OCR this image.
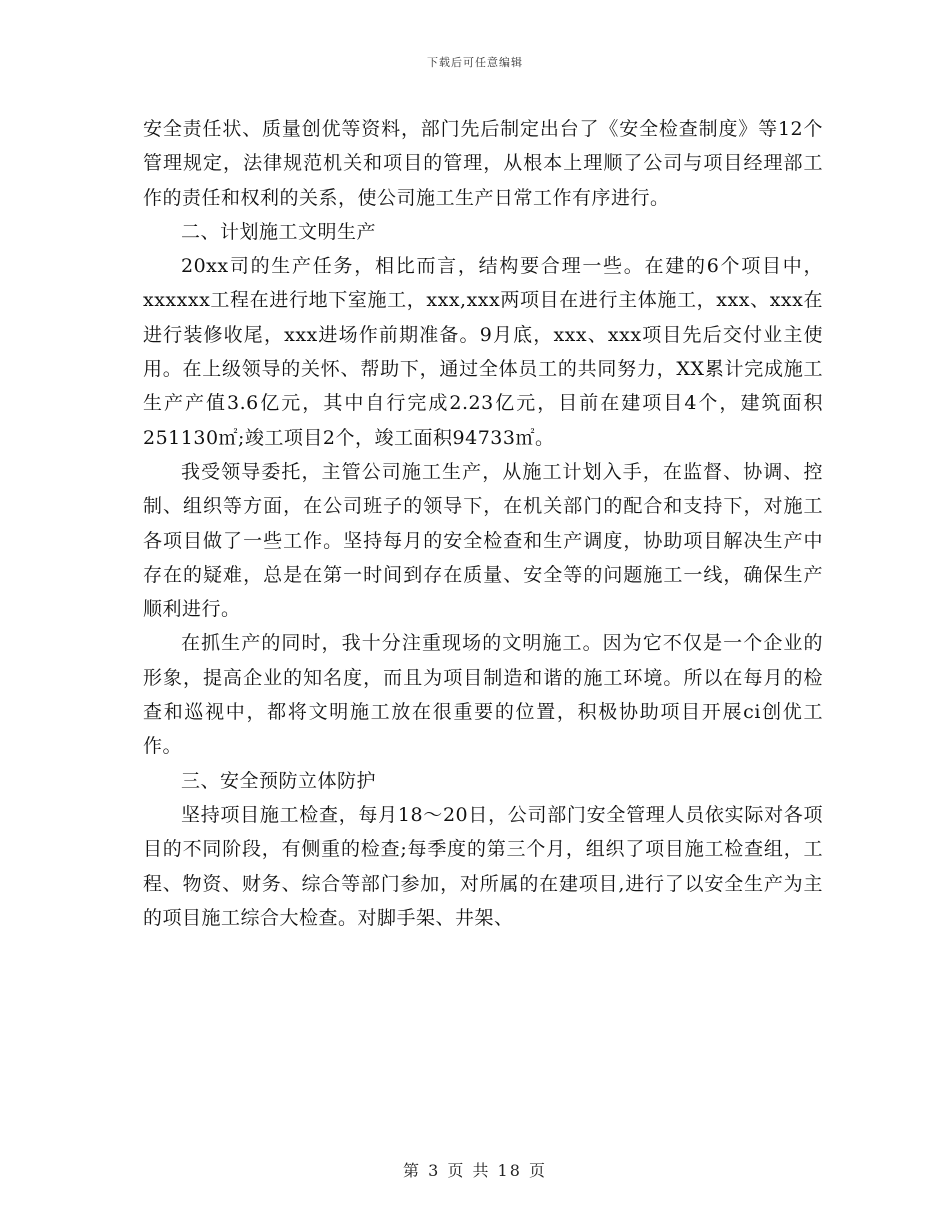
下载后可任意编辑

安全责任状、质量创优等资料，部门先后制定出台了《安全检查制度》等12个管理规定，法律规范机关和项目的管理，从根本上理顺了公司与项目经理部工作的责任和权利的关系，使公司施工生产日常工作有序进行。

二、计划施工文明生产

20xx司的生产任务，相比而言，结构要合理一些。在建的6个项目中，xxxxxx工程在进行地下室施工，xxx,xxx两项目在进行主体施工，xxx、xxx在进行装修收尾，xxx进场作前期准备。9月底，xxx、xxx项目先后交付业主使用。在上级领导的关怀、帮助下，通过全体员工的共同努力，XX累计完成施工生产产值3.6亿元，其中自行完成2.23亿元，目前在建项目4个，建筑面积251130㎡;竣工项目2个，竣工面积94733㎡。

我受领导委托，主管公司施工生产，从施工计划入手，在监督、协调、控制、组织等方面，在公司班子的领导下，在机关部门的配合和支持下，对施工各项目做了一些工作。坚持每月的安全检查和生产调度，协助项目解决生产中存在的疑难，总是在第一时间到存在质量、安全等的问题施工一线，确保生产顺利进行。

在抓生产的同时，我十分注重现场的文明施工。因为它不仅是一个企业的形象，提高企业的知名度，而且为项目制造和谐的施工环境。所以在每月的检查和巡视中，都将文明施工放在很重要的位置，积极协助项目开展ci创优工作。

三、安全预防立体防护

坚持项目施工检查，每月18～20日，公司部门安全管理人员依实际对各项目的不同阶段，有侧重的检查;每季度的第三个月，组织了项目施工检查组，工程、物资、财务、综合等部门参加，对所属的在建项目,进行了以安全生产为主的项目施工综合大检查。对脚手架、井架、

第 3 页 共 18 页
